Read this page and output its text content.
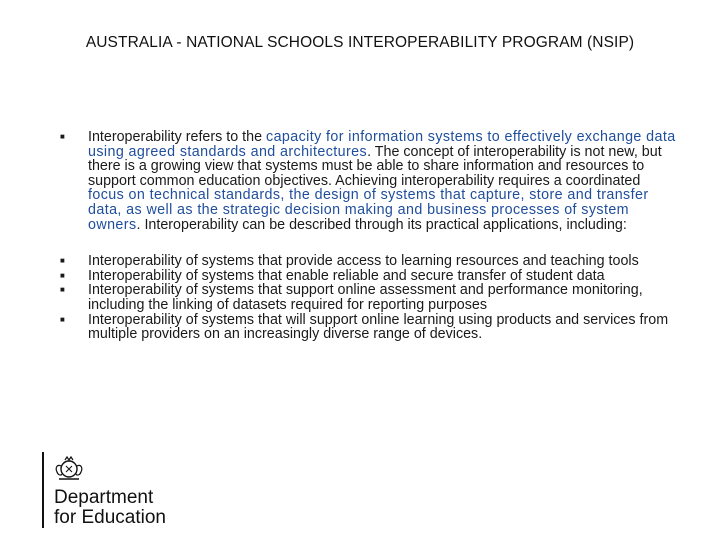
AUSTRALIA - NATIONAL SCHOOLS INTEROPERABILITY PROGRAM (NSIP)
■ Interoperability refers to the capacity for information systems to effectively exchange data using agreed standards and architectures. The concept of interoperability is not new, but there is a growing view that systems must be able to share information and resources to support common education objectives. Achieving interoperability requires a coordinated focus on technical standards, the design of systems that capture, store and transfer data, as well as the strategic decision making and business processes of system owners. Interoperability can be described through its practical applications, including:
■ Interoperability of systems that provide access to learning resources and teaching tools
■ Interoperability of systems that enable reliable and secure transfer of student data
■ Interoperability of systems that support online assessment and performance monitoring, including the linking of datasets required for reporting purposes
■ Interoperability of systems that will support online learning using products and services from multiple providers on an increasingly diverse range of devices.
Department
for Education
